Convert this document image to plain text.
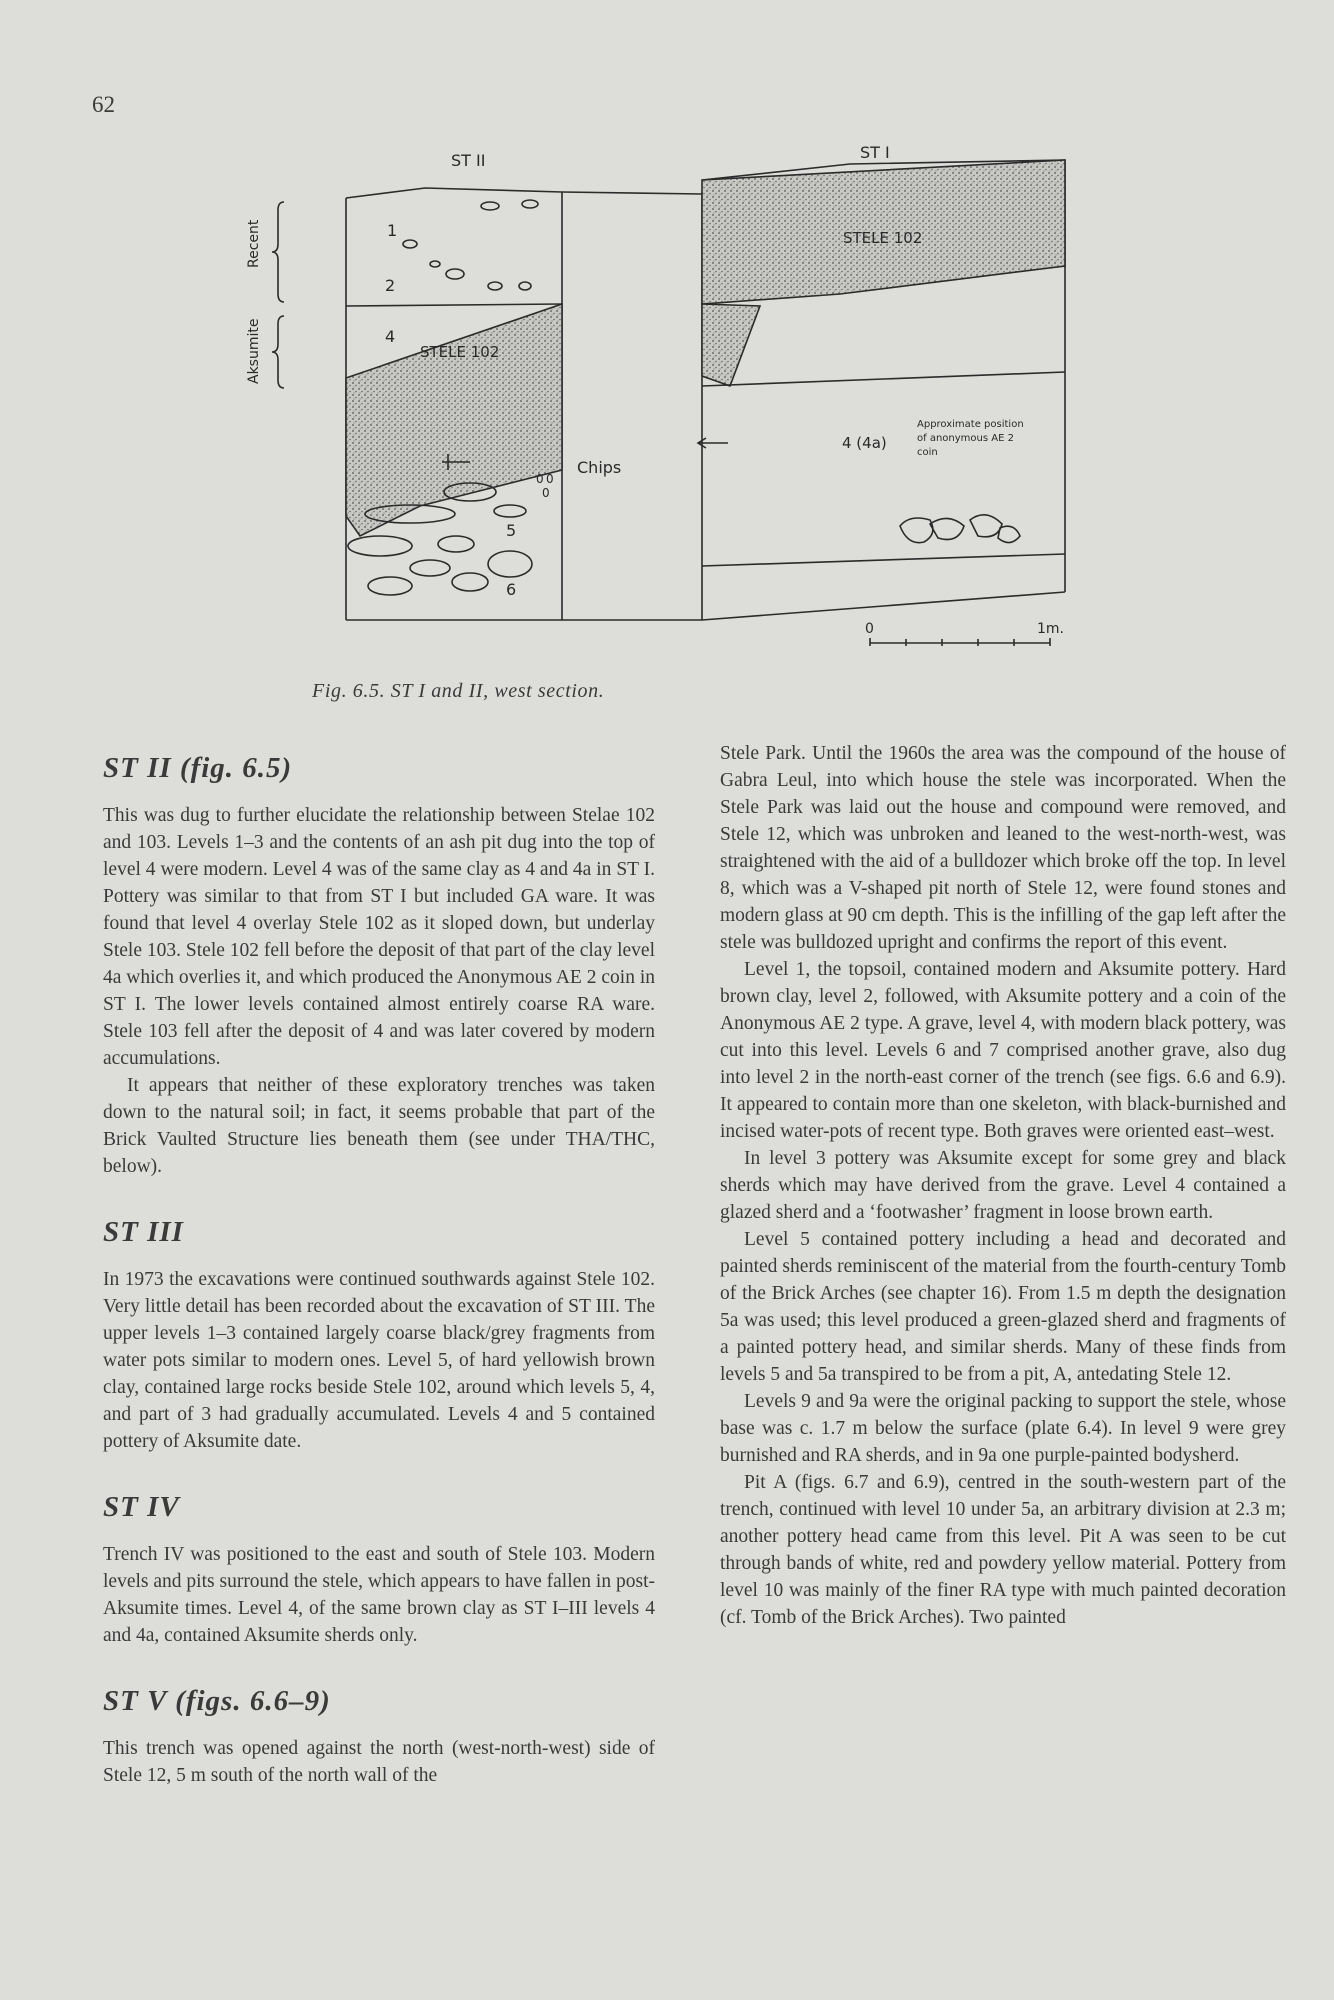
62
ST II	ST I
Recent
Aksumite	STELE 102
STELE 102
Chips
1
2
4
5
6
0 0
0
4 (4a)
Approximate position
of anonymous AE 2
coin
0	1m.
Fig. 6.5. ST I and II, west section.
ST II (fig. 6.5)

This was dug to further elucidate the relationship between Stelae 102 and 103. Levels 1–3 and the contents of an ash pit dug into the top of level 4 were modern. Level 4 was of the same clay as 4 and 4a in ST I. Pottery was similar to that from ST I but included GA ware. It was found that level 4 overlay Stele 102 as it sloped down, but underlay Stele 103. Stele 102 fell before the deposit of that part of the clay level 4a which overlies it, and which produced the Anonymous AE 2 coin in ST I. The lower levels contained almost entirely coarse RA ware. Stele 103 fell after the deposit of 4 and was later covered by modern accumulations.

It appears that neither of these exploratory trenches was taken down to the natural soil; in fact, it seems probable that part of the Brick Vaulted Structure lies beneath them (see under THA/THC, below).

ST III

In 1973 the excavations were continued southwards against Stele 102. Very little detail has been recorded about the excavation of ST III. The upper levels 1–3 contained largely coarse black/grey fragments from water pots similar to modern ones. Level 5, of hard yellowish brown clay, contained large rocks beside Stele 102, around which levels 5, 4, and part of 3 had gradually accumulated. Levels 4 and 5 contained pottery of Aksumite date.

ST IV

Trench IV was positioned to the east and south of Stele 103. Modern levels and pits surround the stele, which appears to have fallen in post-Aksumite times. Level 4, of the same brown clay as ST I–III levels 4 and 4a, contained Aksumite sherds only.

ST V (figs. 6.6–9)

This trench was opened against the north (west-north-west) side of Stele 12, 5 m south of the north wall of the

Stele Park. Until the 1960s the area was the compound of the house of Gabra Leul, into which house the stele was incorporated. When the Stele Park was laid out the house and compound were removed, and Stele 12, which was unbroken and leaned to the west-north-west, was straightened with the aid of a bulldozer which broke off the top. In level 8, which was a V-shaped pit north of Stele 12, were found stones and modern glass at 90 cm depth. This is the infilling of the gap left after the stele was bulldozed upright and confirms the report of this event.

Level 1, the topsoil, contained modern and Aksumite pottery. Hard brown clay, level 2, followed, with Aksumite pottery and a coin of the Anonymous AE 2 type. A grave, level 4, with modern black pottery, was cut into this level. Levels 6 and 7 comprised another grave, also dug into level 2 in the north-east corner of the trench (see figs. 6.6 and 6.9). It appeared to contain more than one skeleton, with black-burnished and incised water-pots of recent type. Both graves were oriented east–west.

In level 3 pottery was Aksumite except for some grey and black sherds which may have derived from the grave. Level 4 contained a glazed sherd and a ‘footwasher’ fragment in loose brown earth.

Level 5 contained pottery including a head and decorated and painted sherds reminiscent of the material from the fourth-century Tomb of the Brick Arches (see chapter 16). From 1.5 m depth the designation 5a was used; this level produced a green-glazed sherd and fragments of a painted pottery head, and similar sherds. Many of these finds from levels 5 and 5a transpired to be from a pit, A, antedating Stele 12.

Levels 9 and 9a were the original packing to support the stele, whose base was c. 1.7 m below the surface (plate 6.4). In level 9 were grey burnished and RA sherds, and in 9a one purple-painted bodysherd.

Pit A (figs. 6.7 and 6.9), centred in the south-western part of the trench, continued with level 10 under 5a, an arbitrary division at 2.3 m; another pottery head came from this level. Pit A was seen to be cut through bands of white, red and powdery yellow material. Pottery from level 10 was mainly of the finer RA type with much painted decoration (cf. Tomb of the Brick Arches). Two painted
